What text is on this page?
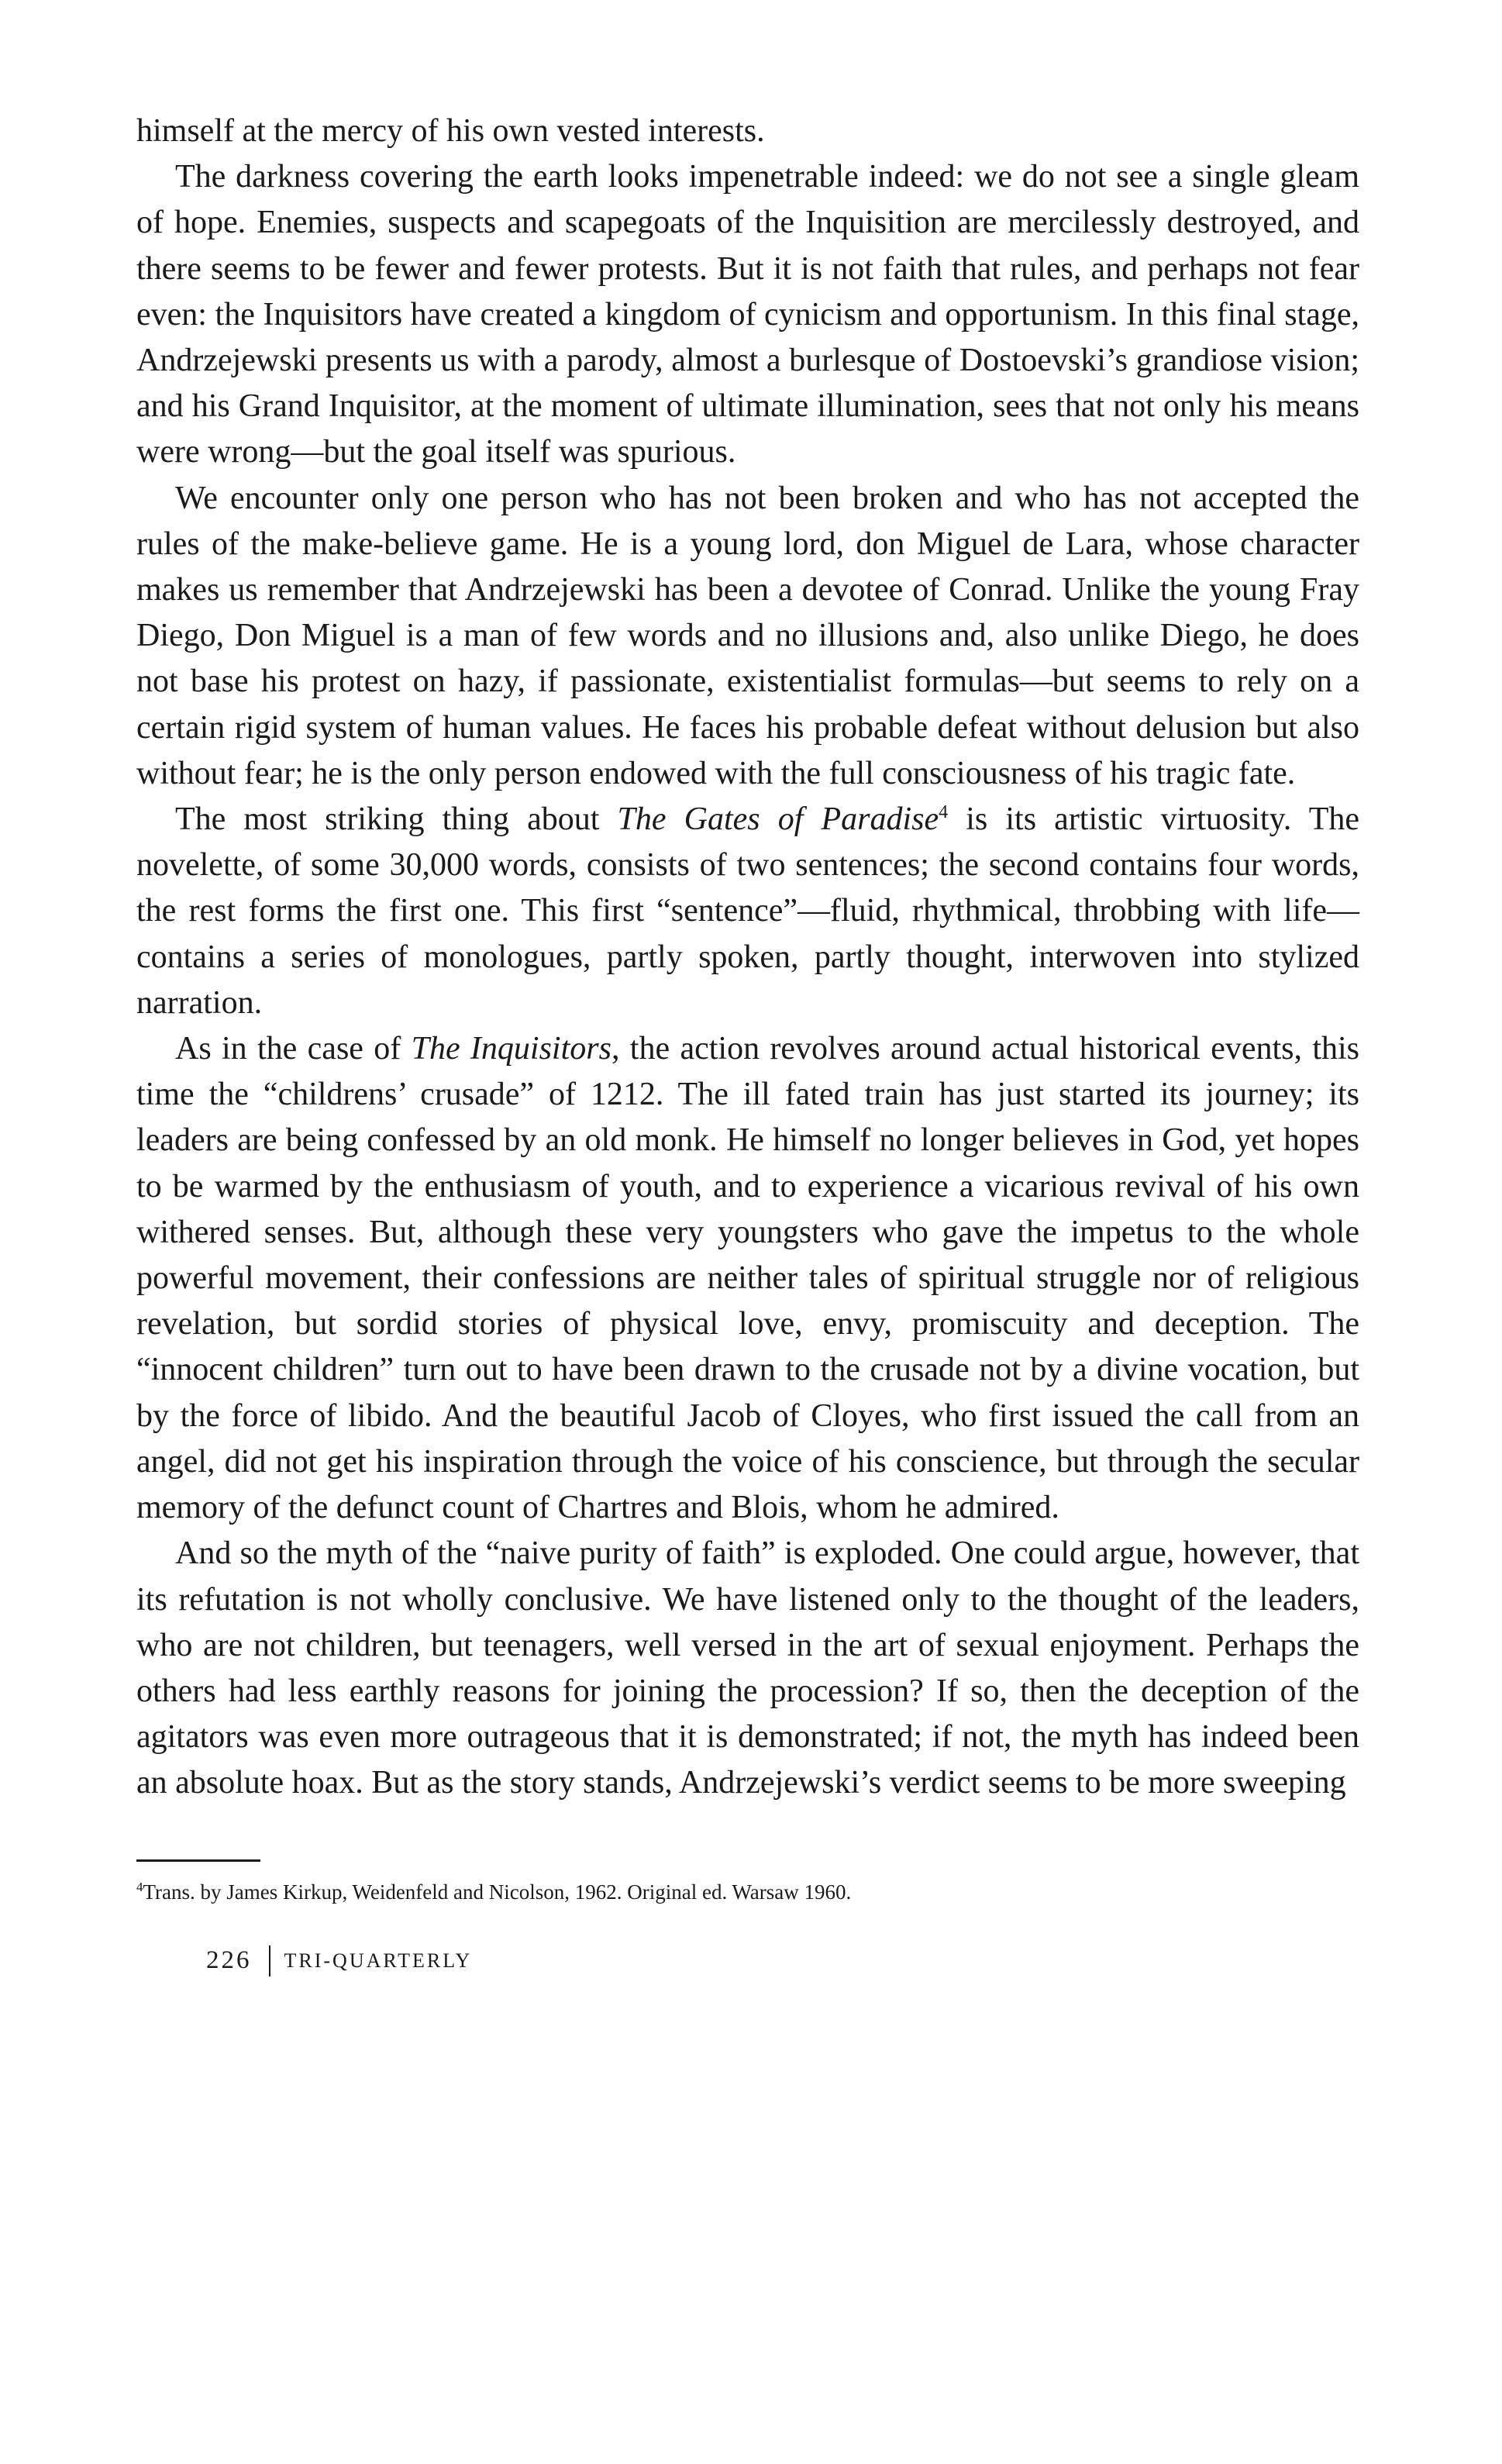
himself at the mercy of his own vested interests.

The darkness covering the earth looks impenetrable indeed: we do not see a single gleam of hope. Enemies, suspects and scapegoats of the Inquisition are mercilessly destroyed, and there seems to be fewer and fewer protests. But it is not faith that rules, and perhaps not fear even: the Inquisitors have created a kingdom of cynicism and opportunism. In this final stage, Andrzejewski presents us with a parody, almost a burlesque of Dostoevski’s grandiose vision; and his Grand Inquisitor, at the moment of ultimate illumination, sees that not only his means were wrong—but the goal itself was spurious.

We encounter only one person who has not been broken and who has not accepted the rules of the make-believe game. He is a young lord, don Miguel de Lara, whose character makes us remember that Andrzejewski has been a devotee of Conrad. Unlike the young Fray Diego, Don Miguel is a man of few words and no illusions and, also unlike Diego, he does not base his protest on hazy, if passionate, existentialist formulas—but seems to rely on a certain rigid system of human values. He faces his probable defeat without delusion but also without fear; he is the only person endowed with the full consciousness of his tragic fate.

The most striking thing about The Gates of Paradise$^4$ is its artistic virtuosity. The novelette, of some 30,000 words, consists of two sentences; the second contains four words, the rest forms the first one. This first “sentence”—fluid, rhythmical, throbbing with life—contains a series of monologues, partly spoken, partly thought, interwoven into stylized narration.

As in the case of The Inquisitors, the action revolves around actual historical events, this time the “childrens’ crusade” of 1212. The ill fated train has just started its journey; its leaders are being confessed by an old monk. He himself no longer believes in God, yet hopes to be warmed by the enthusiasm of youth, and to experience a vicarious revival of his own withered senses. But, although these very youngsters who gave the impetus to the whole powerful movement, their confessions are neither tales of spiritual struggle nor of religious revelation, but sordid stories of physical love, envy, promiscuity and deception. The “innocent children” turn out to have been drawn to the crusade not by a divine vocation, but by the force of libido. And the beautiful Jacob of Cloyes, who first issued the call from an angel, did not get his inspiration through the voice of his conscience, but through the secular memory of the defunct count of Chartres and Blois, whom he admired.

And so the myth of the “naive purity of faith” is exploded. One could argue, however, that its refutation is not wholly conclusive. We have listened only to the thought of the leaders, who are not children, but teenagers, well versed in the art of sexual enjoyment. Perhaps the others had less earthly reasons for joining the procession? If so, then the deception of the agitators was even more outrageous that it is demonstrated; if not, the myth has indeed been an absolute hoax. But as the story stands, Andrzejewski’s verdict seems to be more sweeping

$^4$Trans. by James Kirkup, Weidenfeld and Nicolson, 1962. Original ed. Warsaw 1960.
226 TRI-QUARTERLY
